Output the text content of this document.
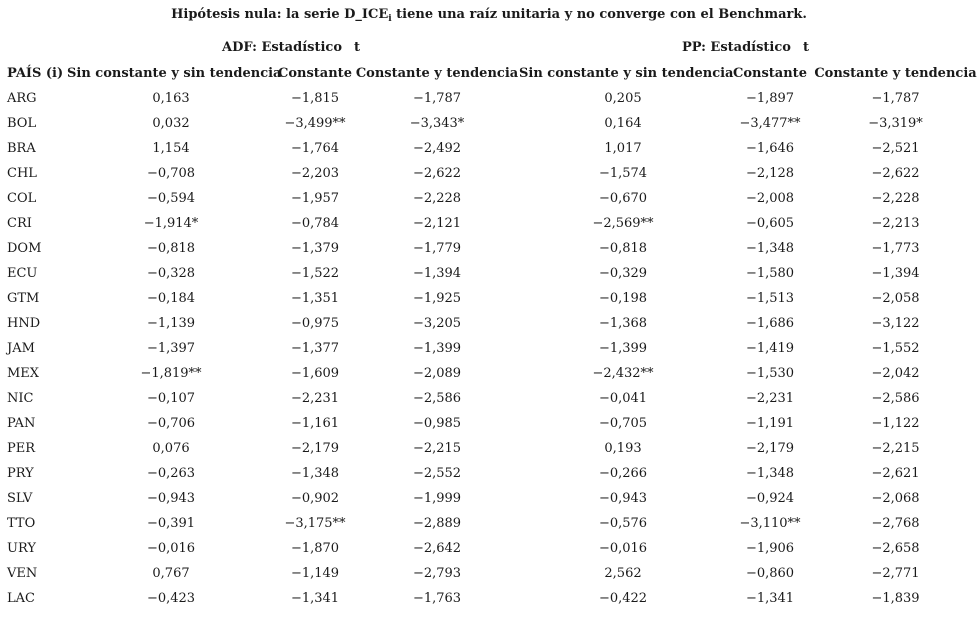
Hipótesis nula: la serie $D\_ICE_i$ tiene una raíz unitaria y no converge con el Benchmark.
ADF: Estadístico t	PP: Estadístico t
PAÍS (i)	Sin constante y sin tendencia	Constante	Constante y tendencia	Sin constante y sin tendencia	Constante	Constante y tendencia
ARG	0,163	−1,815	−1,787	0,205	−1,897	−1,787
BOL	0,032	−3,499**	−3,343*	0,164	−3,477**	−3,319*
BRA	1,154	−1,764	−2,492	1,017	−1,646	−2,521
CHL	−0,708	−2,203	−2,622	−1,574	−2,128	−2,622
COL	−0,594	−1,957	−2,228	−0,670	−2,008	−2,228
CRI	−1,914*	−0,784	−2,121	−2,569**	−0,605	−2,213
DOM	−0,818	−1,379	−1,779	−0,818	−1,348	−1,773
ECU	−0,328	−1,522	−1,394	−0,329	−1,580	−1,394
GTM	−0,184	−1,351	−1,925	−0,198	−1,513	−2,058
HND	−1,139	−0,975	−3,205	−1,368	−1,686	−3,122
JAM	−1,397	−1,377	−1,399	−1,399	−1,419	−1,552
MEX	−1,819**	−1,609	−2,089	−2,432**	−1,530	−2,042
NIC	−0,107	−2,231	−2,586	−0,041	−2,231	−2,586
PAN	−0,706	−1,161	−0,985	−0,705	−1,191	−1,122
PER	0,076	−2,179	−2,215	0,193	−2,179	−2,215
PRY	−0,263	−1,348	−2,552	−0,266	−1,348	−2,621
SLV	−0,943	−0,902	−1,999	−0,943	−0,924	−2,068
TTO	−0,391	−3,175**	−2,889	−0,576	−3,110**	−2,768
URY	−0,016	−1,870	−2,642	−0,016	−1,906	−2,658
VEN	0,767	−1,149	−2,793	2,562	−0,860	−2,771
LAC	−0,423	−1,341	−1,763	−0,422	−1,341	−1,839
